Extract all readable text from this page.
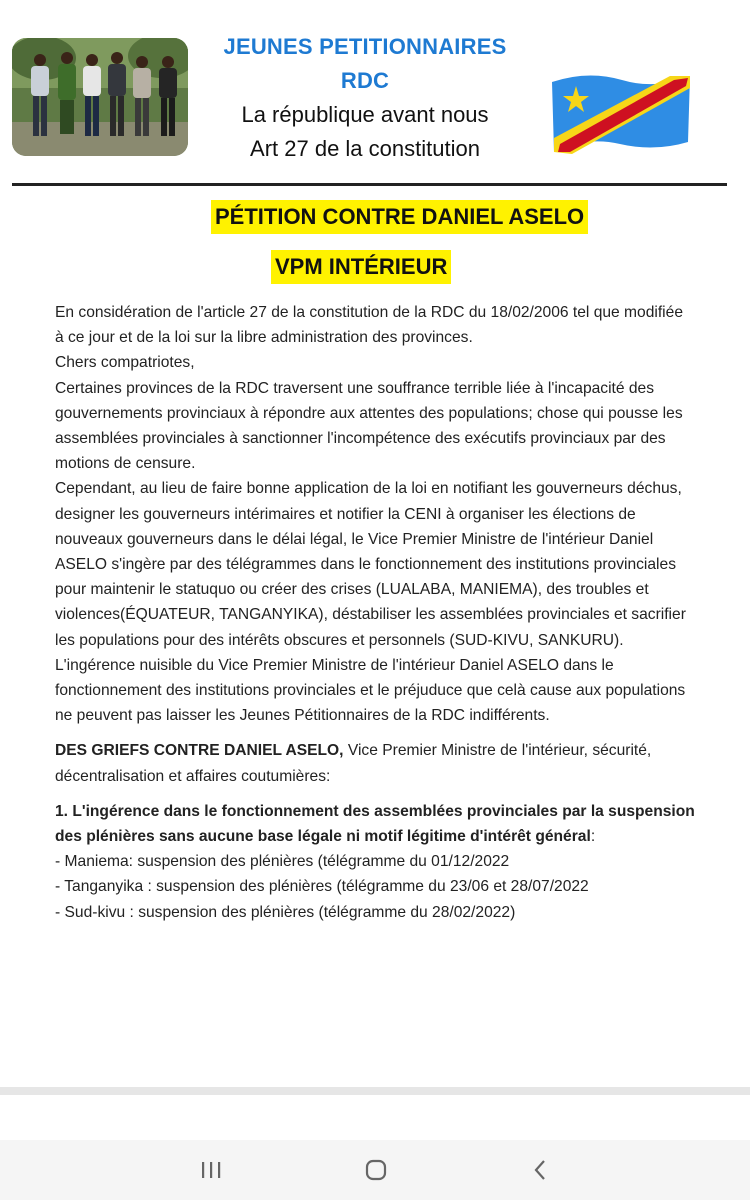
JEUNES PETITIONNAIRES
RDC
La république avant nous
Art 27 de la constitution
PÉTITION CONTRE DANIEL ASELO
VPM INTÉRIEUR

En considération de l'article 27 de la constitution de la RDC du 18/02/2006 tel que modifiée à ce jour et de la loi sur la libre administration des provinces.

Chers compatriotes,

Certaines provinces de la RDC traversent une souffrance terrible liée à l'incapacité des gouvernements provinciaux à répondre aux attentes des populations; chose qui pousse les assemblées provinciales à sanctionner l'incompétence des exécutifs provinciaux par des motions de censure.

Cependant, au lieu de faire bonne application de la loi en notifiant les gouverneurs déchus, designer les gouverneurs intérimaires et notifier la CENI à organiser les élections de nouveaux gouverneurs dans le délai légal, le Vice Premier Ministre de l'intérieur Daniel ASELO s'ingère par des télégrammes dans le fonctionnement des institutions provinciales pour maintenir le statuquo ou créer des crises (LUALABA, MANIEMA), des troubles et violences(ÉQUATEUR, TANGANYIKA), déstabiliser les assemblées provinciales et sacrifier les populations pour des intérêts obscures et personnels (SUD-KIVU, SANKURU).

L'ingérence nuisible du Vice Premier Ministre de l'intérieur Daniel ASELO dans le fonctionnement des institutions provinciales et le préjuduce que celà cause aux populations ne peuvent pas laisser les Jeunes Pétitionnaires de la RDC indifférents.

DES GRIEFS CONTRE DANIEL ASELO, Vice Premier Ministre de l'intérieur, sécurité, décentralisation et affaires coutumières:

1. L'ingérence dans le fonctionnement des assemblées provinciales par la suspension des plénières sans aucune base légale ni motif légitime d'intérêt général:

- Maniema: suspension des plénières (télégramme du 01/12/2022

- Tanganyika : suspension des plénières (télégramme du 23/06 et 28/07/2022

- Sud-kivu : suspension des plénières (télégramme du 28/02/2022)
